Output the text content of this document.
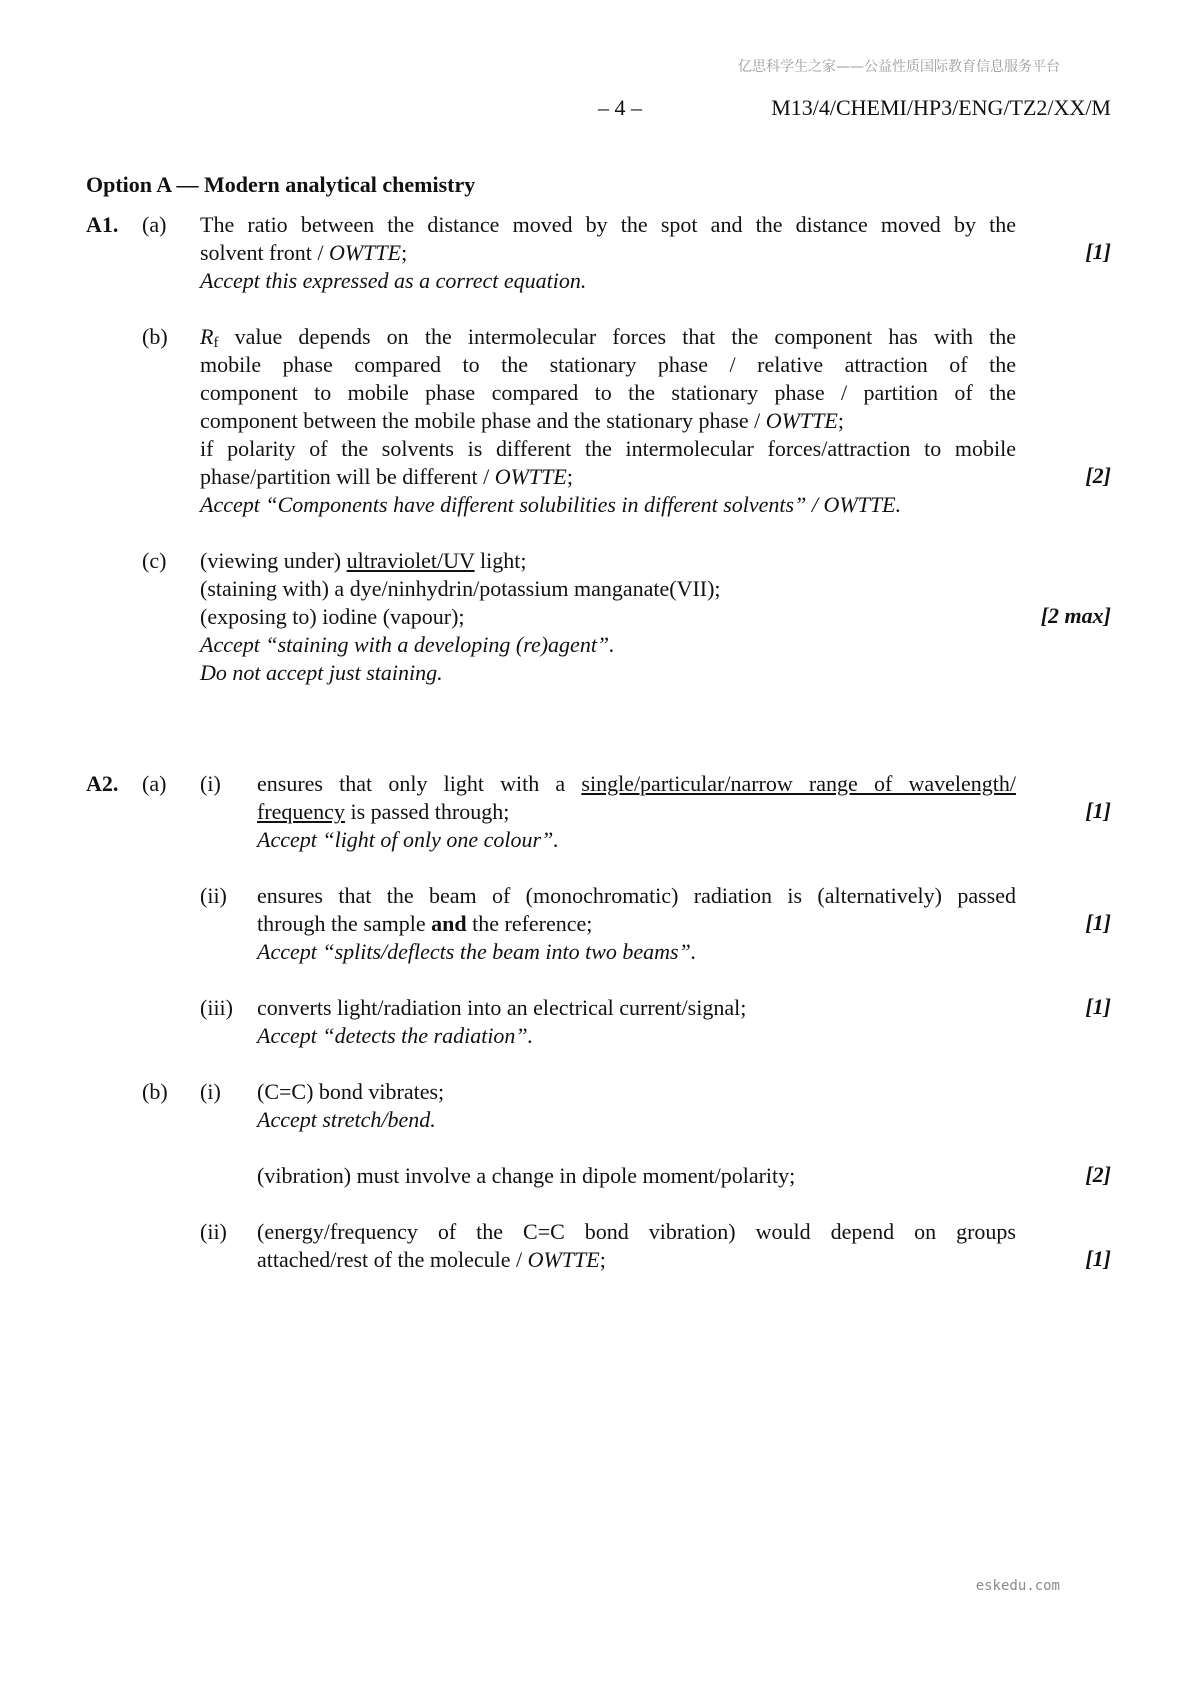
亿思科学生之家——公益性质国际教育信息服务平台
– 4 –	M13/4/CHEMI/HP3/ENG/TZ2/XX/M
Option A — Modern analytical chemistry
A1. (a) The ratio between the distance moved by the spot and the distance moved by the
solvent front / OWTTE;
Accept this expressed as a correct equation.
[1]
(b) $R_f$ value depends on the intermolecular forces that the component has with the
mobile phase compared to the stationary phase / relative attraction of the
component to mobile phase compared to the stationary phase / partition of the
component between the mobile phase and the stationary phase / OWTTE;
if polarity of the solvents is different the intermolecular forces/attraction to mobile
phase/partition will be different / OWTTE;
Accept “Components have different solubilities in different solvents” / OWTTE.
[2]
(c) (viewing under) ultraviolet/UV light;
(staining with) a dye/ninhydrin/potassium manganate(VII);
(exposing to) iodine (vapour);
Accept “staining with a developing (re)agent”.
Do not accept just staining.
[2 max]
A2. (a) (i) ensures that only light with a single/particular/narrow range of wavelength/
frequency is passed through;
Accept “light of only one colour”.
[1]
(ii) ensures that the beam of (monochromatic) radiation is (alternatively) passed
through the sample and the reference;
Accept “splits/deflects the beam into two beams”.
[1]
(iii) converts light/radiation into an electrical current/signal;
Accept “detects the radiation”.
[1]
(b) (i) (C=C) bond vibrates;
Accept stretch/bend.
(vibration) must involve a change in dipole moment/polarity;	[2]
(ii) (energy/frequency of the C=C bond vibration) would depend on groups
attached/rest of the molecule / OWTTE;	[1]
eskedu.com
